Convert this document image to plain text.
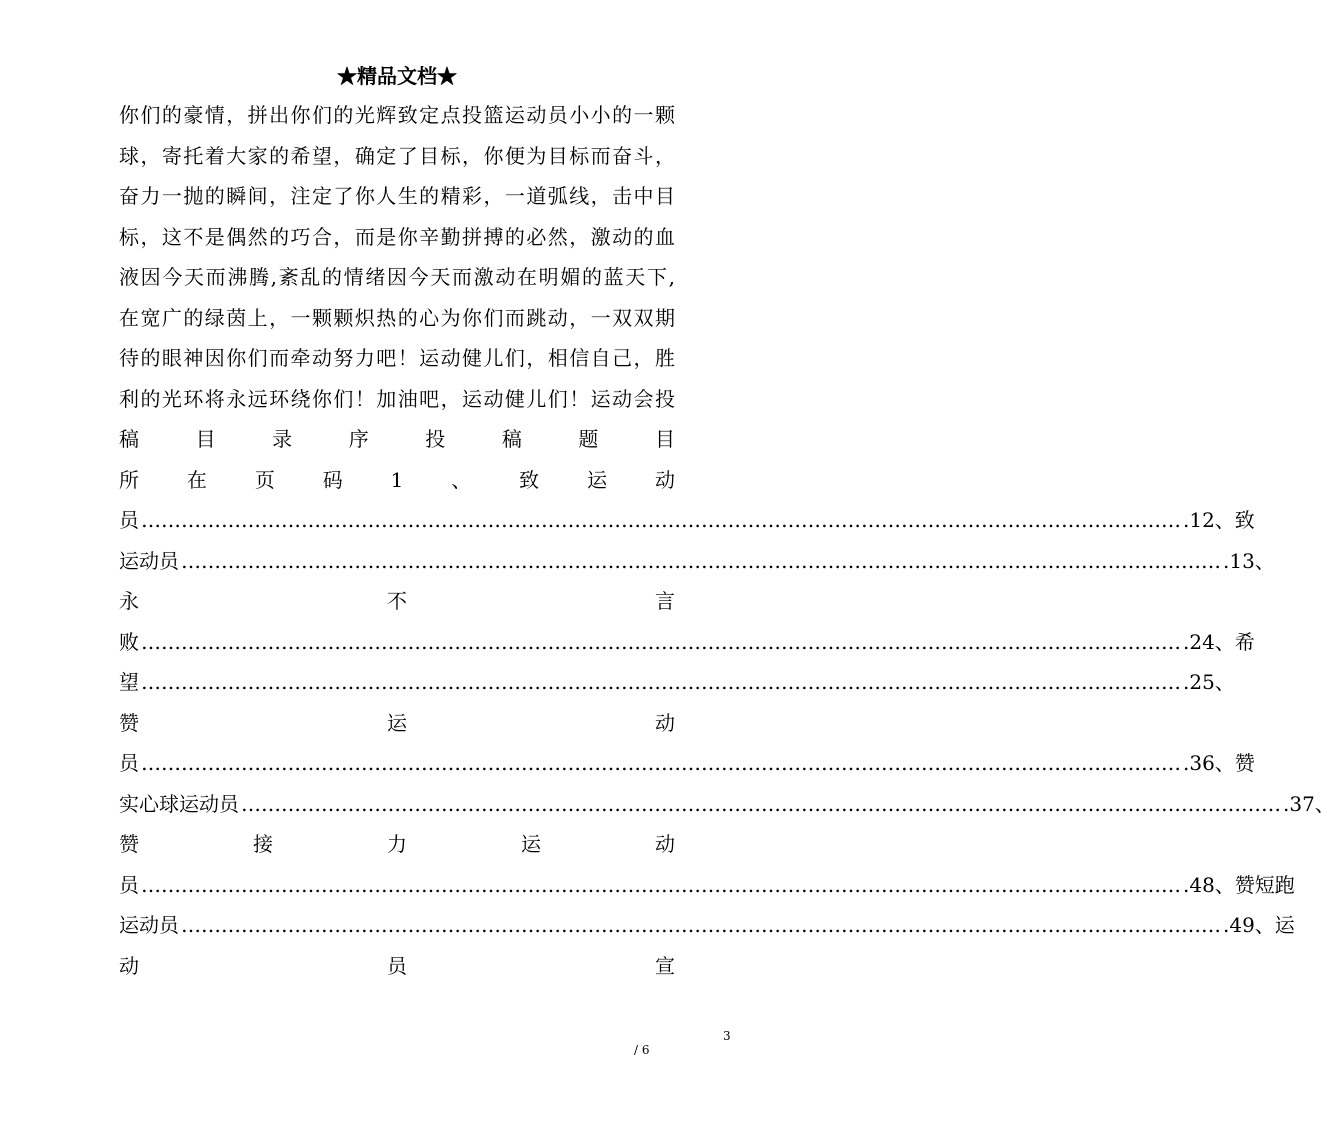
★精品文档★
你们的豪情，拼出你们的光辉致定点投篮运动员小小的一颗
球，寄托着大家的希望，确定了目标，你便为目标而奋斗，
奋力一抛的瞬间，注定了你人生的精彩，一道弧线，击中目
标，这不是偶然的巧合，而是你辛勤拼搏的必然，激动的血
液因今天而沸腾,紊乱的情绪因今天而激动在明媚的蓝天下,
在宽广的绿茵上，一颗颗炽热的心为你们而跳动，一双双期
待的眼神因你们而牵动努力吧！运动健儿们，相信自己，胜
利的光环将永远环绕你们！加油吧，运动健儿们！运动会投
稿	目	录	序	投	稿	题	目
所 在 页 码 1 、 致 运 动
员 ………………………………………………………………………………………………………………………………………… .12、致
运动员 ………………………………………………………………………………………………………………………………………… .13、
永	不	言
败 ………………………………………………………………………………………………………………………………………… .24、希
望 ………………………………………………………………………………………………………………………………………… .25、
赞	运	动
员 ………………………………………………………………………………………………………………………………………… .36、赞
实心球运动员 ………………………………………………………………………………………………………………………………………… .37、
赞	接	力	运	动
员 ………………………………………………………………………………………………………………………………………… .48、赞短跑
运动员 ………………………………………………………………………………………………………………………………………… .49、运
动	员	宣
3
/ 6
